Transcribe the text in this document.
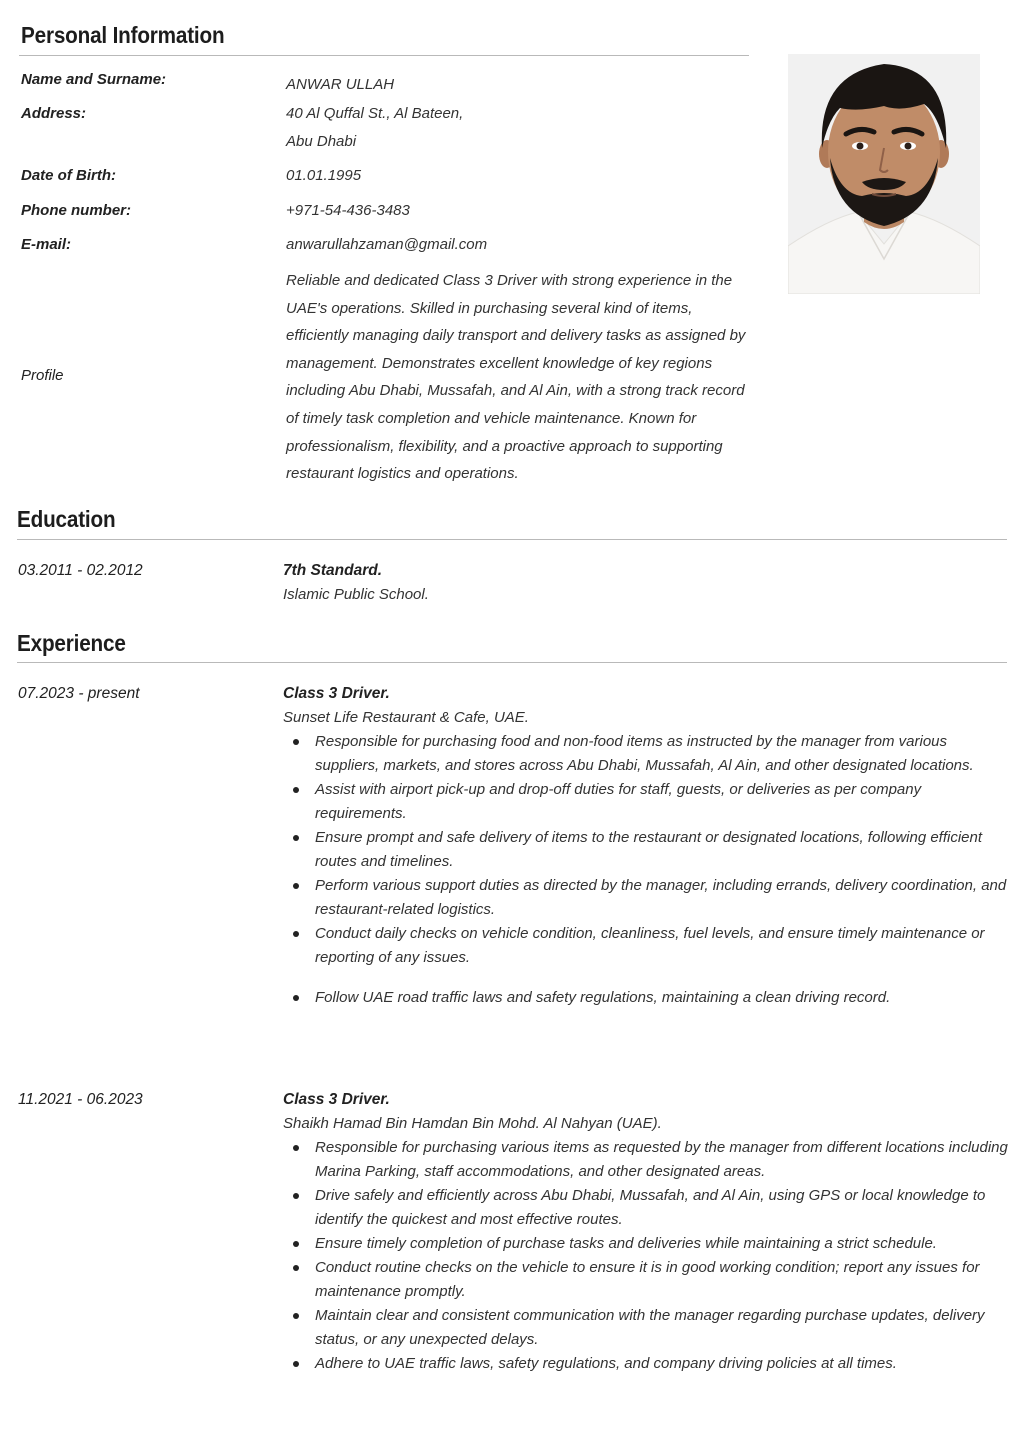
Personal Information
Name and Surname:	ANWAR ULLAH
Address:	40 Al Quffal St., Al Bateen,
Abu Dhabi
Date of Birth:	01.01.1995
Phone number:	+971-54-436-3483
E-mail:	anwarullahzaman@gmail.com
Profile
Reliable and dedicated Class 3 Driver with strong experience in the UAE's operations. Skilled in purchasing several kind of items, efficiently managing daily transport and delivery tasks as assigned by management. Demonstrates excellent knowledge of key regions including Abu Dhabi, Mussafah, and Al Ain, with a strong track record of timely task completion and vehicle maintenance. Known for professionalism, flexibility, and a proactive approach to supporting restaurant logistics and operations.
Education
03.2011 - 02.2012	7th Standard.
Islamic Public School.
Experience
07.2023 - present	Class 3 Driver.
Sunset Life Restaurant & Cafe, UAE.
Responsible for purchasing food and non-food items as instructed by the manager from various suppliers, markets, and stores across Abu Dhabi, Mussafah, Al Ain, and other designated locations.
Assist with airport pick-up and drop-off duties for staff, guests, or deliveries as per company requirements.
Ensure prompt and safe delivery of items to the restaurant or designated locations, following efficient routes and timelines.
Perform various support duties as directed by the manager, including errands, delivery coordination, and restaurant-related logistics.
Conduct daily checks on vehicle condition, cleanliness, fuel levels, and ensure timely maintenance or reporting of any issues.
Follow UAE road traffic laws and safety regulations, maintaining a clean driving record.
11.2021 - 06.2023	Class 3 Driver.
Shaikh Hamad Bin Hamdan Bin Mohd. Al Nahyan (UAE).
Responsible for purchasing various items as requested by the manager from different locations including Marina Parking, staff accommodations, and other designated areas.
Drive safely and efficiently across Abu Dhabi, Mussafah, and Al Ain, using GPS or local knowledge to identify the quickest and most effective routes.
Ensure timely completion of purchase tasks and deliveries while maintaining a strict schedule.
Conduct routine checks on the vehicle to ensure it is in good working condition; report any issues for maintenance promptly.
Maintain clear and consistent communication with the manager regarding purchase updates, delivery status, or any unexpected delays.
Adhere to UAE traffic laws, safety regulations, and company driving policies at all times.
